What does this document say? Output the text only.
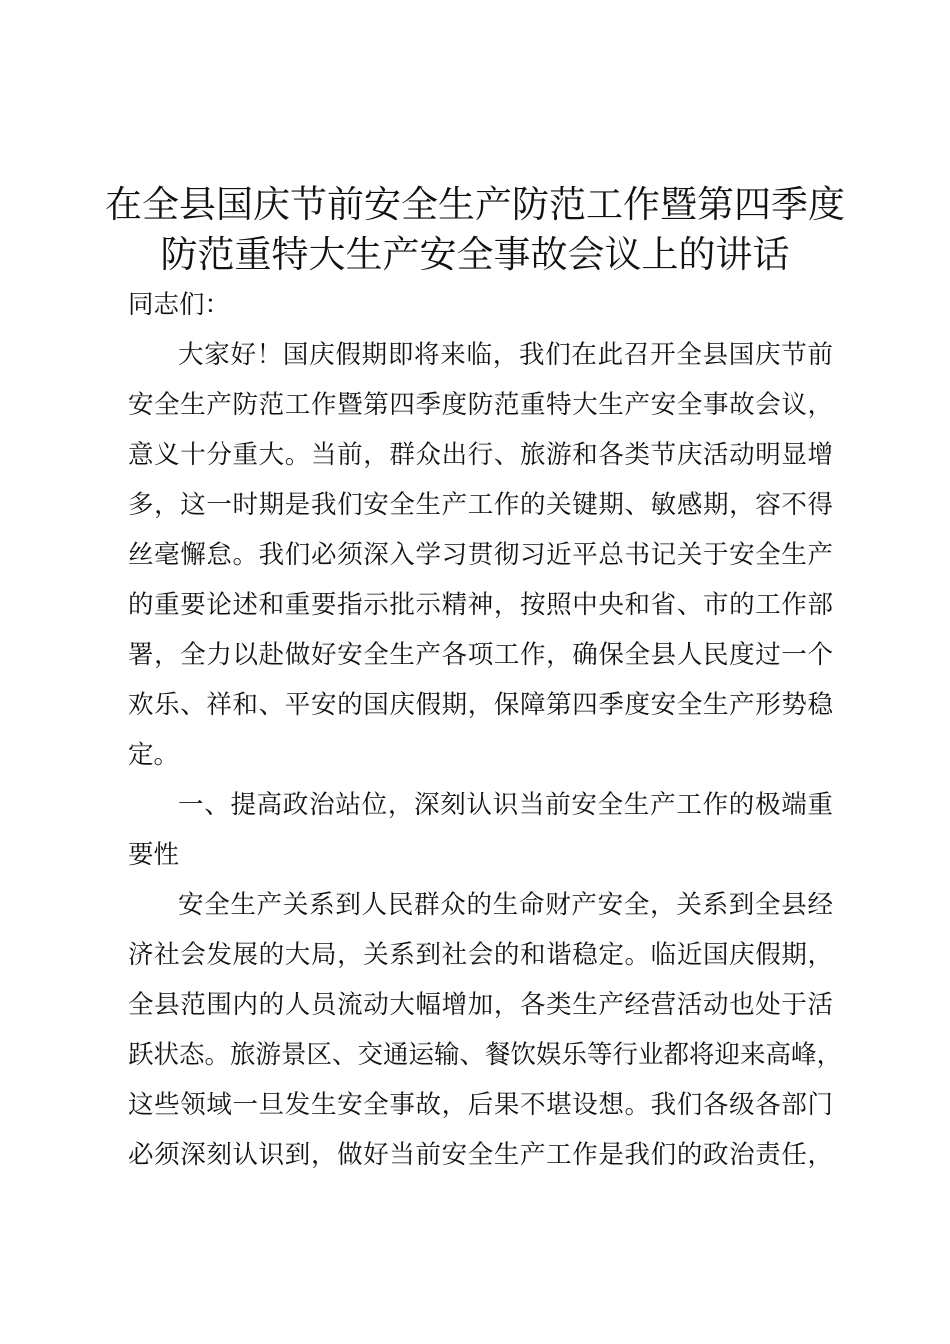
在全县国庆节前安全生产防范工作暨第四季度
防范重特大生产安全事故会议上的讲话

同志们：

大家好！国庆假期即将来临，我们在此召开全县国庆节前

安全生产防范工作暨第四季度防范重特大生产安全事故会议，

意义十分重大。当前，群众出行、旅游和各类节庆活动明显增

多，这一时期是我们安全生产工作的关键期、敏感期，容不得

丝毫懈怠。我们必须深入学习贯彻习近平总书记关于安全生产

的重要论述和重要指示批示精神，按照中央和省、市的工作部

署，全力以赴做好安全生产各项工作，确保全县人民度过一个

欢乐、祥和、平安的国庆假期，保障第四季度安全生产形势稳

定。

一、提高政治站位，深刻认识当前安全生产工作的极端重

要性

安全生产关系到人民群众的生命财产安全，关系到全县经

济社会发展的大局，关系到社会的和谐稳定。临近国庆假期，

全县范围内的人员流动大幅增加，各类生产经营活动也处于活

跃状态。旅游景区、交通运输、餐饮娱乐等行业都将迎来高峰，

这些领域一旦发生安全事故，后果不堪设想。我们各级各部门

必须深刻认识到，做好当前安全生产工作是我们的政治责任，
